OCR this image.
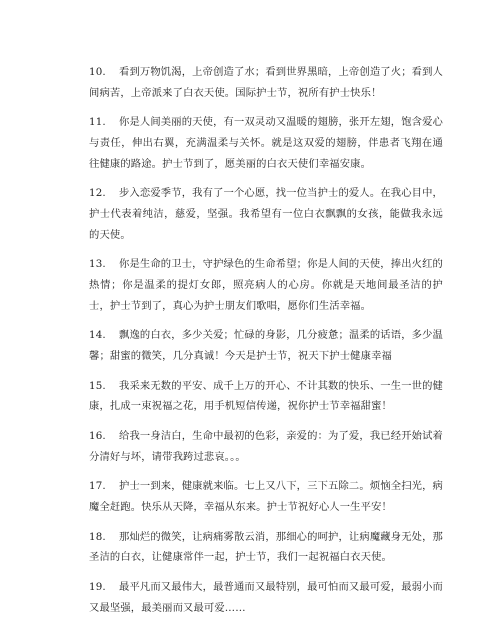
10. 看到万物饥渴，上帝创造了水；看到世界黑暗，上帝创造了火；看到人间病苦，上帝派来了白衣天使。国际护士节，祝所有护士快乐！

11. 你是人间美丽的天使，有一双灵动又温暖的翅膀，张开左翅，饱含爱心与责任，伸出右翼，充满温柔与关怀。就是这双爱的翅膀，伴患者飞翔在通往健康的路途。护士节到了，愿美丽的白衣天使们幸福安康。

12. 步入恋爱季节，我有了一个心愿，找一位当护士的爱人。在我心目中，护士代表着纯洁，慈爱，坚强。我希望有一位白衣飘飘的女孩，能做我永远的天使。

13. 你是生命的卫士，守护绿色的生命希望；你是人间的天使，捧出火红的热情；你是温柔的提灯女郎，照亮病人的心房。你就是天地间最圣洁的护士，护士节到了，真心为护士朋友们歌唱，愿你们生活幸福。

14. 飘逸的白衣，多少关爱；忙碌的身影，几分疲惫；温柔的话语，多少温馨；甜蜜的微笑，几分真诚！今天是护士节，祝天下护士健康幸福

15. 我采来无数的平安、成千上万的开心、不计其数的快乐、一生一世的健康，扎成一束祝福之花，用手机短信传递，祝你护士节幸福甜蜜！

16. 给我一身洁白，生命中最初的色彩，亲爱的：为了爱，我已经开始试着分清好与坏，请带我跨过悲哀。。。

17. 护士一到来，健康就来临。七上又八下，三下五除二。烦恼全扫光，病魔全赶跑。快乐从天降，幸福从东来。护士节祝好心人一生平安！

18. 那灿烂的微笑，让病痛雾散云消，那细心的呵护，让病魔藏身无处，那圣洁的白衣，让健康常伴一起，护士节，我们一起祝福白衣天使。

19. 最平凡而又最伟大，最普通而又最特别，最可怕而又最可爱，最弱小而又最坚强，最美丽而又最可爱……
